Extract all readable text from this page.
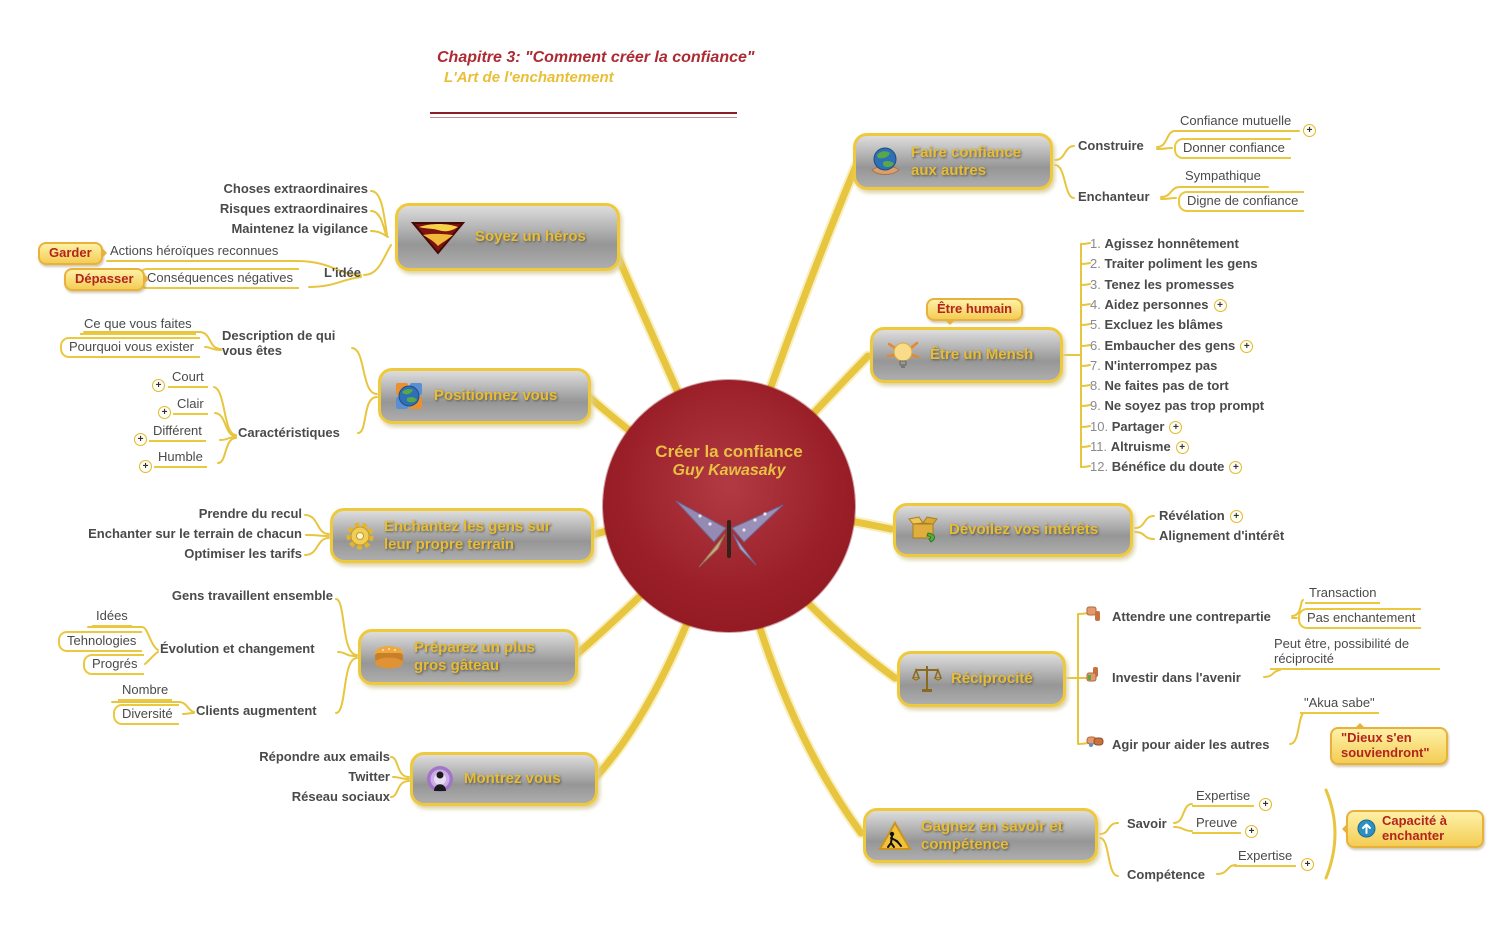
Chapitre 3: "Comment créer la confiance"
L'Art de l'enchantement
Créer la confiance
Guy Kawasaky
Soyez un héros
Positionnez vous
Enchantez les gens sur leur propre terrain
Préparez un plus gros gâteau
Montrez vous
Faire confiance aux autres
Être un Mensh
Dévoilez vos intérêts
Réciprocité
Gagnez en savoir et compétence
Choses extraordinaires
Risques extraordinaires
Maintenez la vigilance
L'idée
Actions héroïques reconnues
Conséquences négatives
Garder
Dépasser
Description de qui vous êtes
Ce que vous faites
Pourquoi vous exister
Caractéristiques
Court
Clair
Différent
Humble
+
+
+
+
Prendre du recul
Enchanter sur le terrain de chacun
Optimiser les tarifs
Gens travaillent ensemble
Évolution et changement
Idées
Tehnologies
Progrés
Clients augmentent
Nombre
Diversité
Répondre aux emails
Twitter
Réseau sociaux
Construire
Confiance mutuelle
+
Donner confiance
Enchanteur
Sympathique
Digne de confiance
Être humain
1. Agissez honnêtement
2. Traiter poliment les gens
3. Tenez les promesses
4. Aidez personnes +
5. Excluez les blâmes
6. Embaucher des gens +
7. N'interrompez pas
8. Ne faites pas de tort
9. Ne soyez pas trop prompt
10. Partager +
11. Altruisme +
12. Bénéfice du doute +
Révélation +
Alignement d'intérêt
Attendre une contrepartie
Transaction
Pas enchantement
Investir dans l'avenir
Peut être, possibilité de réciprocité
Agir pour aider les autres
"Akua sabe"
"Dieux s'en souviendront"
Savoir
Expertise
+
Preuve
+
Compétence
Expertise
+
Capacité à enchanter
